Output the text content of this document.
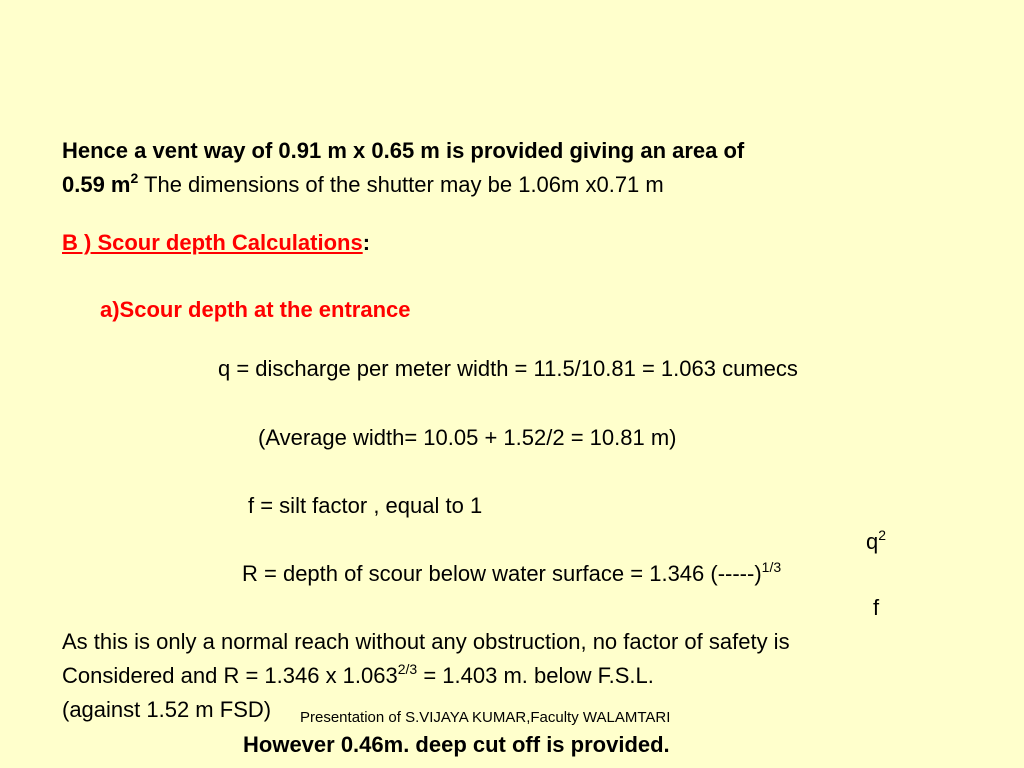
Hence a vent way of 0.91 m x 0.65 m is provided giving an area of
0.59 $m^2$ The dimensions of the shutter may be 1.06m x0.71 m
B ) Scour depth Calculations:
a)Scour depth at the entrance
q = discharge per meter width = 11.5/10.81 = 1.063 cumecs
(Average width= 10.05 + 1.52/2 = 10.81 m)
f = silt factor , equal to 1
$q^2$
R = depth of scour below water surface = 1.346 $(-----)^{1/3}$
f
As this is only a normal reach without any obstruction, no factor of safety is
Considered and R = 1.346 x $1.063^{2/3} = 1.403$ m. below F.S.L.
(against 1.52 m FSD) Presentation of S.VIJAYA KUMAR,Faculty WALAMTARI
However 0.46m. deep cut off is provided.
